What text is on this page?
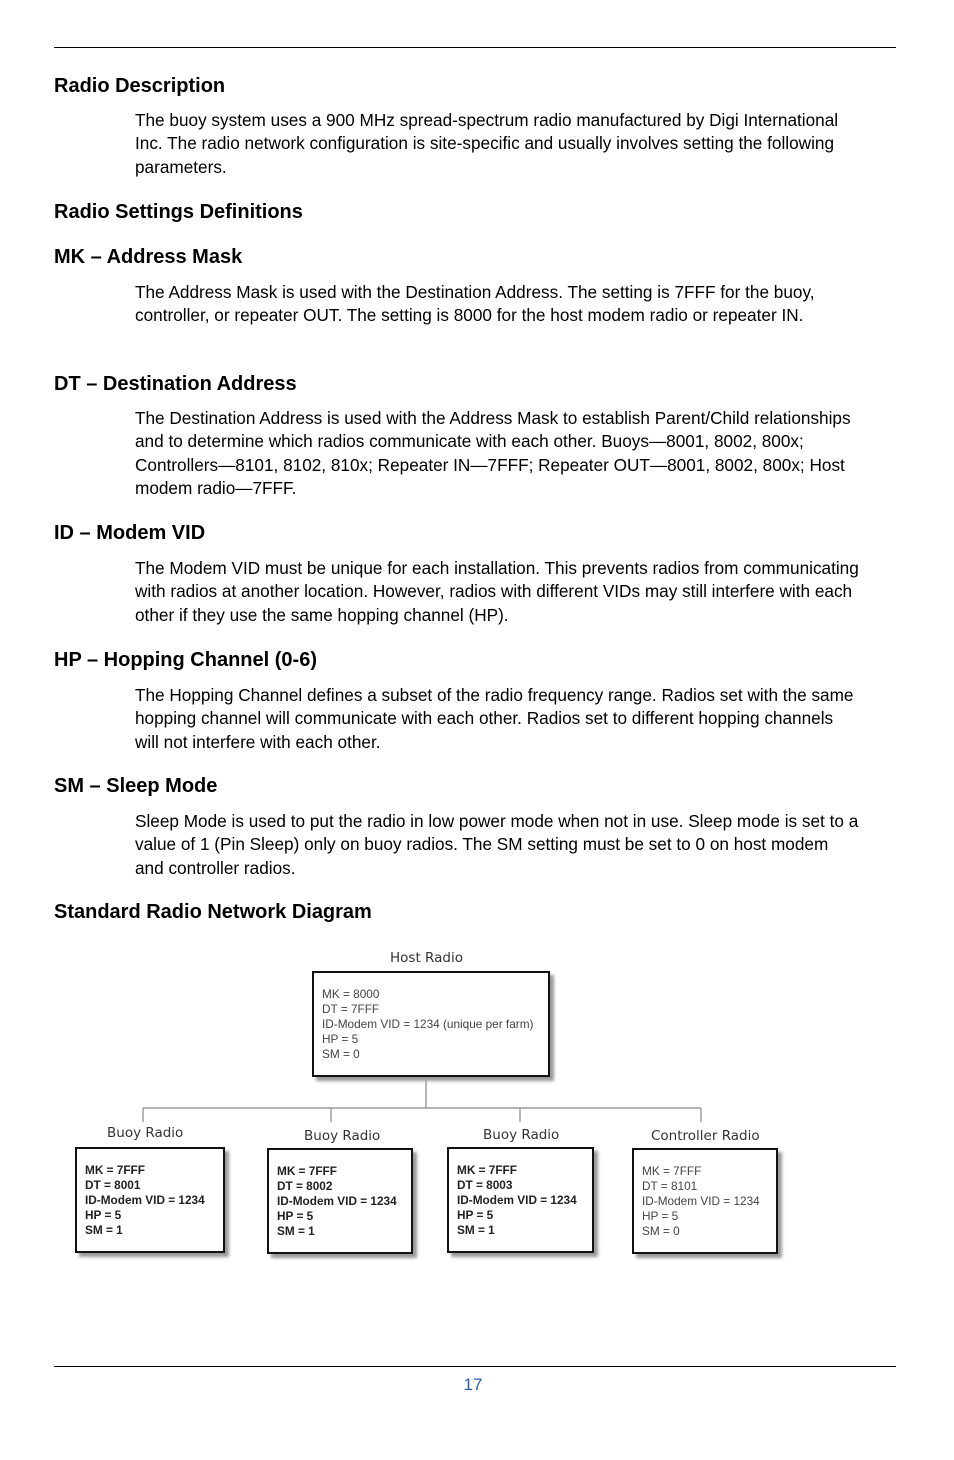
Radio Description

The buoy system uses a 900 MHz spread-spectrum radio manufactured by Digi International Inc. The radio network configuration is site-specific and usually involves setting the following parameters.

Radio Settings Definitions
MK – Address Mask

The Address Mask is used with the Destination Address. The setting is 7FFF for the buoy, controller, or repeater OUT. The setting is 8000 for the host modem radio or repeater IN.

DT – Destination Address

The Destination Address is used with the Address Mask to establish Parent/Child relationships and to determine which radios communicate with each other. Buoys—8001, 8002, 800x; Controllers—8101, 8102, 810x; Repeater IN—7FFF; Repeater OUT—8001, 8002, 800x; Host modem radio—7FFF.

ID – Modem VID

The Modem VID must be unique for each installation. This prevents radios from communicating with radios at another location. However, radios with different VIDs may still interfere with each other if they use the same hopping channel (HP).

HP – Hopping Channel (0-6)

The Hopping Channel defines a subset of the radio frequency range. Radios set with the same hopping channel will communicate with each other. Radios set to different hopping channels will not interfere with each other.

SM – Sleep Mode

Sleep Mode is used to put the radio in low power mode when not in use. Sleep mode is set to a value of 1 (Pin Sleep) only on buoy radios. The SM setting must be set to 0 on host modem and controller radios.

Standard Radio Network Diagram
Host Radio
MK = 8000
DT = 7FFF
ID-Modem VID = 1234 (unique per farm)
HP = 5
SM = 0
Buoy Radio
MK = 7FFF
DT = 8001
ID-Modem VID = 1234
HP = 5
SM = 1
Buoy Radio
MK = 7FFF
DT = 8002
ID-Modem VID = 1234
HP = 5
SM = 1
Buoy Radio
MK = 7FFF
DT = 8003
ID-Modem VID = 1234
HP = 5
SM = 1
Controller Radio
MK = 7FFF
DT = 8101
ID-Modem VID = 1234
HP = 5
SM = 0
17
